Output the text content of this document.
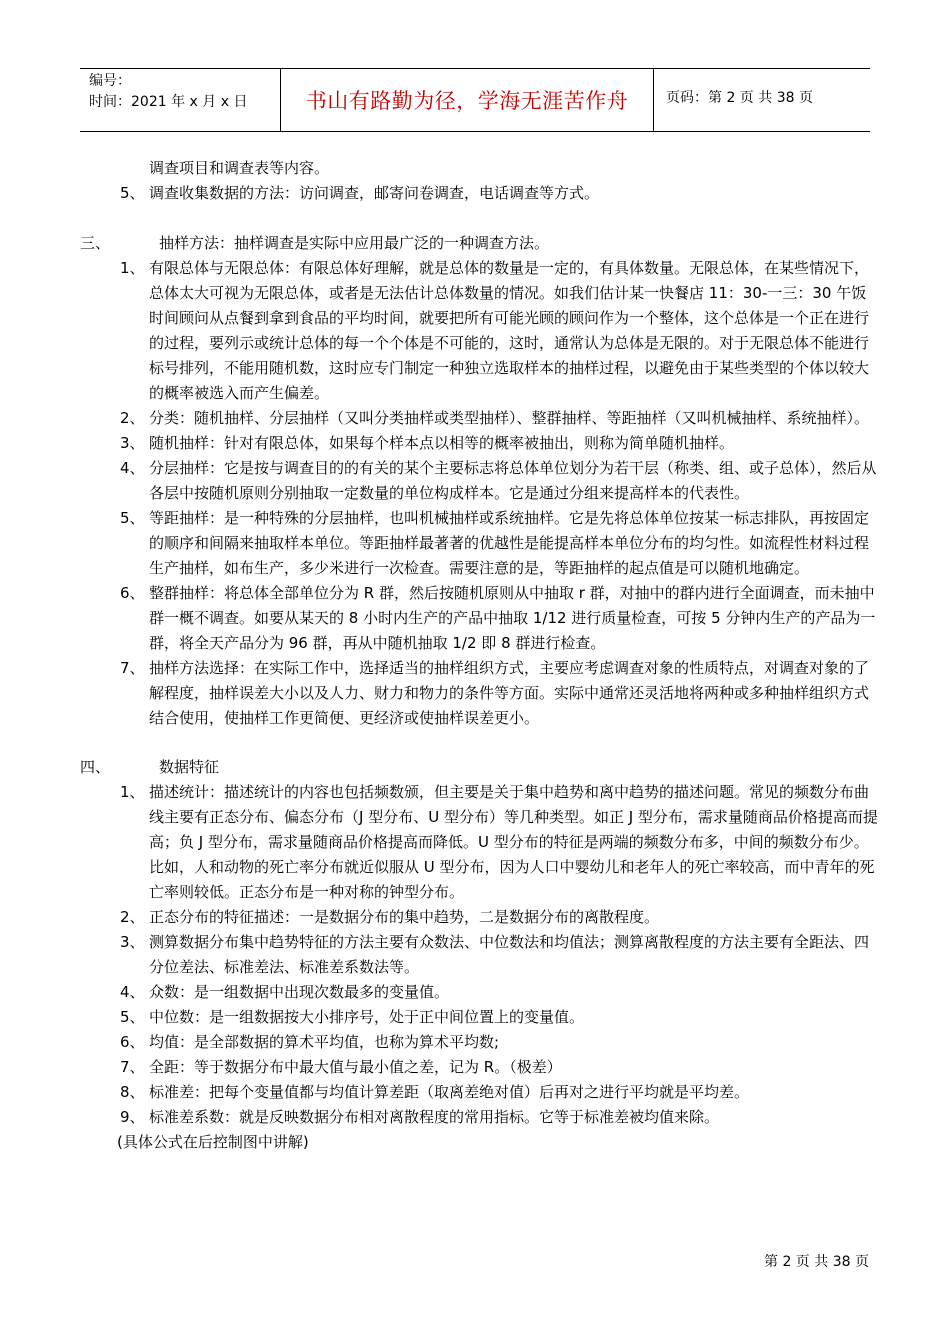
编号：
时间：2021 年 x 月 x 日	书山有路勤为径，学海无涯苦作舟	页码：第 2 页 共 38 页
调查项目和调查表等内容。
5、 调查收集数据的方法：访问调查，邮寄问卷调查，电话调查等方式。
三、	抽样方法：抽样调查是实际中应用最广泛的一种调查方法。
1、 有限总体与无限总体：有限总体好理解，就是总体的数量是一定的，有具体数量。无限总体，在某些情况下，总体太大可视为无限总体，或者是无法估计总体数量的情况。如我们估计某一快餐店 11：30-一三：30 午饭时间顾问从点餐到拿到食品的平均时间，就要把所有可能光顾的顾问作为一个整体，这个总体是一个正在进行的过程，要列示或统计总体的每一个个体是不可能的，这时，通常认为总体是无限的。对于无限总体不能进行标号排列，不能用随机数，这时应专门制定一种独立选取样本的抽样过程，以避免由于某些类型的个体以较大的概率被选入而产生偏差。
2、 分类：随机抽样、分层抽样（又叫分类抽样或类型抽样）、整群抽样、等距抽样（又叫机械抽样、系统抽样）。
3、 随机抽样：针对有限总体，如果每个样本点以相等的概率被抽出，则称为简单随机抽样。
4、 分层抽样：它是按与调查目的的有关的某个主要标志将总体单位划分为若干层（称类、组、或子总体），然后从各层中按随机原则分别抽取一定数量的单位构成样本。它是通过分组来提高样本的代表性。
5、 等距抽样：是一种特殊的分层抽样，也叫机械抽样或系统抽样。它是先将总体单位按某一标志排队，再按固定的顺序和间隔来抽取样本单位。等距抽样最著著的优越性是能提高样本单位分布的均匀性。如流程性材料过程生产抽样，如布生产，多少米进行一次检查。需要注意的是，等距抽样的起点值是可以随机地确定。
6、 整群抽样：将总体全部单位分为 R 群，然后按随机原则从中抽取 r 群，对抽中的群内进行全面调查，而未抽中群一概不调查。如要从某天的 8 小时内生产的产品中抽取 1/12 进行质量检查，可按 5 分钟内生产的产品为一群，将全天产品分为 96 群，再从中随机抽取 1/2 即 8 群进行检查。
7、 抽样方法选择：在实际工作中，选择适当的抽样组织方式，主要应考虑调查对象的性质特点，对调查对象的了解程度，抽样误差大小以及人力、财力和物力的条件等方面。实际中通常还灵活地将两种或多种抽样组织方式结合使用，使抽样工作更简便、更经济或使抽样误差更小。
四、	数据特征
1、 描述统计：描述统计的内容也包括频数颁，但主要是关于集中趋势和离中趋势的描述问题。常见的频数分布曲线主要有正态分布、偏态分布（J 型分布、U 型分布）等几种类型。如正 J 型分布，需求量随商品价格提高而提高；负 J 型分布，需求量随商品价格提高而降低。U 型分布的特征是两端的频数分布多，中间的频数分布少。比如，人和动物的死亡率分布就近似服从 U 型分布，因为人口中婴幼儿和老年人的死亡率较高，而中青年的死亡率则较低。正态分布是一种对称的钟型分布。
2、 正态分布的特征描述：一是数据分布的集中趋势，二是数据分布的离散程度。
3、 测算数据分布集中趋势特征的方法主要有众数法、中位数法和均值法；测算离散程度的方法主要有全距法、四分位差法、标准差法、标准差系数法等。
4、 众数：是一组数据中出现次数最多的变量值。
5、 中位数：是一组数据按大小排序号，处于正中间位置上的变量值。
6、 均值：是全部数据的算术平均值，也称为算术平均数;
7、 全距：等于数据分布中最大值与最小值之差，记为 R。（极差）
8、 标准差：把每个变量值都与均值计算差距（取离差绝对值）后再对之进行平均就是平均差。
9、 标准差系数：就是反映数据分布相对离散程度的常用指标。它等于标准差被均值来除。
(具体公式在后控制图中讲解)
第 2 页 共 38 页
